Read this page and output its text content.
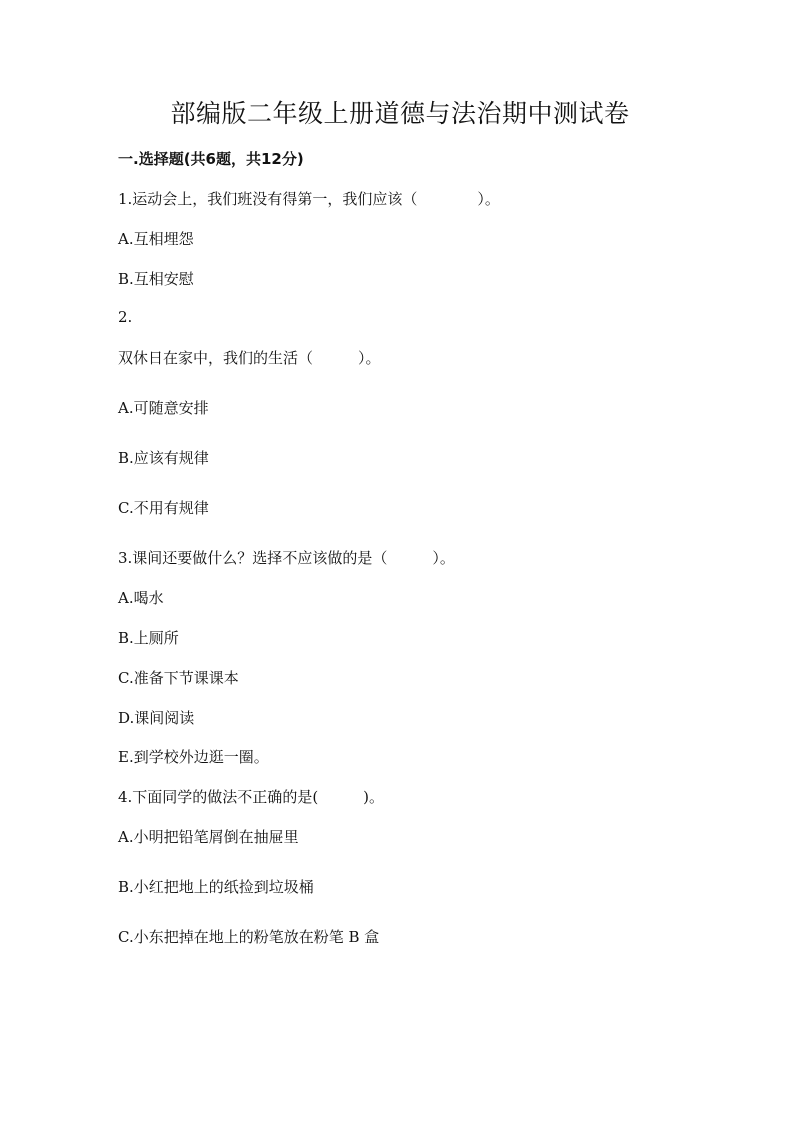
部编版二年级上册道德与法治期中测试卷
一.选择题(共6题，共12分)
1.运动会上，我们班没有得第一，我们应该（　　　　）。
A.互相埋怨
B.互相安慰
2.
双休日在家中，我们的生活（　　　）。
A.可随意安排
B.应该有规律
C.不用有规律
3.课间还要做什么？选择不应该做的是（　　　）。
A.喝水
B.上厕所
C.准备下节课课本
D.课间阅读
E.到学校外边逛一圈。
4.下面同学的做法不正确的是(　　　)。
A.小明把铅笔屑倒在抽屉里
B.小红把地上的纸捡到垃圾桶
C.小东把掉在地上的粉笔放在粉笔 B 盒
